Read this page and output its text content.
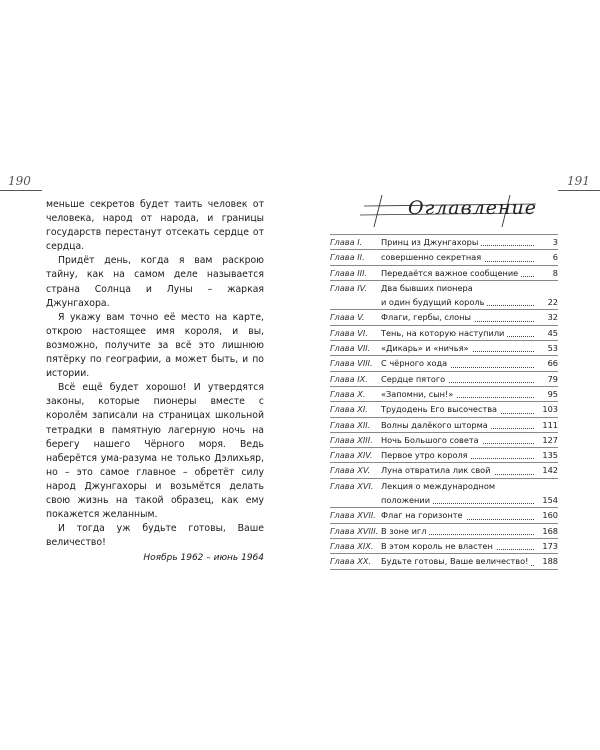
190	191

меньше секретов будет таить человек от человека, народ от народа, и границы государств перестанут отсекать сердце от сердца.

Придёт день, когда я вам раскрою тайну, как на самом деле называется страна Солнца и Луны – жаркая Джунгахора.

Я укажу вам точно её место на карте, открою настоящее имя короля, и вы, возможно, получите за всё это лишнюю пятёрку по географии, а может быть, и по истории.

Всё ещё будет хорошо! И утвердятся законы, которые пионеры вместе с королём записали на страницах школьной тетрадки в памятную лагерную ночь на берегу нашего Чёрного моря. Ведь наберётся ума-разума не только Дэлихьяр, но – это самое главное – обретёт силу народ Джунгахоры и возьмётся делать свою жизнь на такой образец, как ему покажется желанным.

И тогда уж будьте готовы, Ваше величество!

Ноябрь 1962 – июнь 1964

Оглавление
Глава I.	Принц из Джунгахоры	3
Глава II.	совершенно секретная	6
Глава III.	Передаётся важное сообщение	8
Глава IV.	Два бывших пионера
и один будущий король	22
Глава V.	Флаги, гербы, слоны	32
Глава VI.	Тень, на которую наступили	45
Глава VII.	«Дикарь» и «ничья»	53
Глава VIII.	С чёрного хода	66
Глава IX.	Сердце пятого	79
Глава X.	«Запомни, сын!»	95
Глава XI.	Трудодень Его высочества	103
Глава XII.	Волны далёкого шторма	111
Глава XIII.	Ночь Большого совета	127
Глава XIV.	Первое утро короля	135
Глава XV.	Луна отвратила лик свой	142
Глава XVI. Лекция о международном
положении	154
Глава XVII. Флаг на горизонте	160
Глава XVIII. В зоне игл	168
Глава XIX. В этом король не властен	173
Глава XX.	Будьте готовы, Ваше величество!	188
